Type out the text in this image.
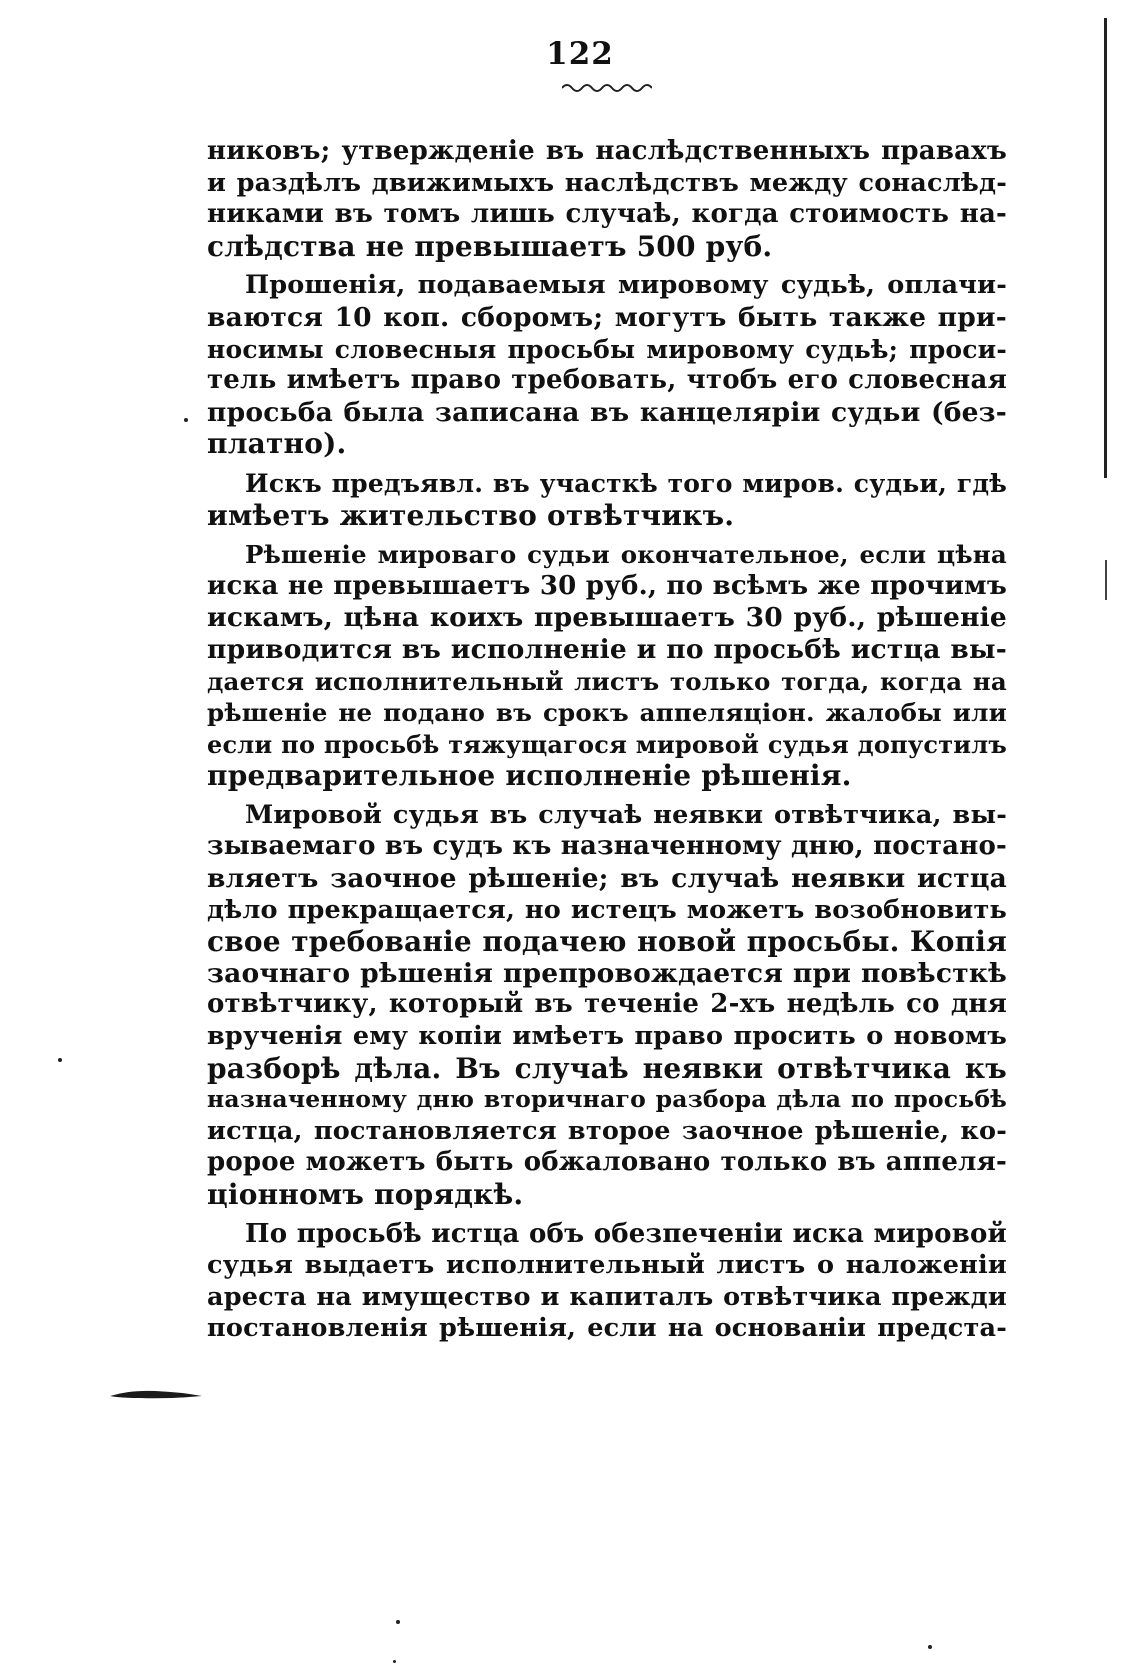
122
никовъ; утвержденіе въ наслѣдственныхъ правахъ
и раздѣлъ движимыхъ наслѣдствъ между сонаслѣд-
никами въ томъ лишь случаѣ, когда стоимость на-
слѣдства не превышаетъ 500 руб.
Прошенія, подаваемыя мировому судьѣ, оплачи-
ваются 10 коп. сборомъ; могутъ быть также при-
носимы словесныя просьбы мировому судьѣ; проси-
тель имѣетъ право требовать, чтобъ его словесная
просьба была записана въ канцеляріи судьи (без-
платно).
Искъ предъявл. въ участкѣ того миров. судьи, гдѣ
имѣетъ жительство отвѣтчикъ.
Рѣшеніе мироваго судьи окончательное, если цѣна
иска не превышаетъ 30 руб., по всѣмъ же прочимъ
искамъ, цѣна коихъ превышаетъ 30 руб., рѣшеніе
приводится въ исполненіе и по просьбѣ истца вы-
дается исполнительный листъ только тогда, когда на
рѣшеніе не подано въ срокъ аппеляціон. жалобы или
если по просьбѣ тяжущагося мировой судья допустилъ
предварительное исполненіе рѣшенія.
Мировой судья въ случаѣ неявки отвѣтчика, вы-
зываемаго въ судъ къ назначенному дню, постано-
вляетъ заочное рѣшеніе; въ случаѣ неявки истца
дѣло прекращается, но истецъ можетъ возобновить
свое требованіе подачею новой просьбы. Копія
заочнаго рѣшенія препровождается при повѣсткѣ
отвѣтчику, который въ теченіе 2-хъ недѣль со дня
врученія ему копіи имѣетъ право просить о новомъ
разборѣ дѣла. Въ случаѣ неявки отвѣтчика къ
назначенному дню вторичнаго разбора дѣла по просьбѣ
истца, постановляется второе заочное рѣшеніе, ко-
ророе можетъ быть обжаловано только въ аппеля-
ціонномъ порядкѣ.
По просьбѣ истца объ обезпеченіи иска мировой
судья выдаетъ исполнительный листъ о наложеніи
ареста на имущество и капиталъ отвѣтчика прежди
постановленія рѣшенія, если на основаніи предста-
